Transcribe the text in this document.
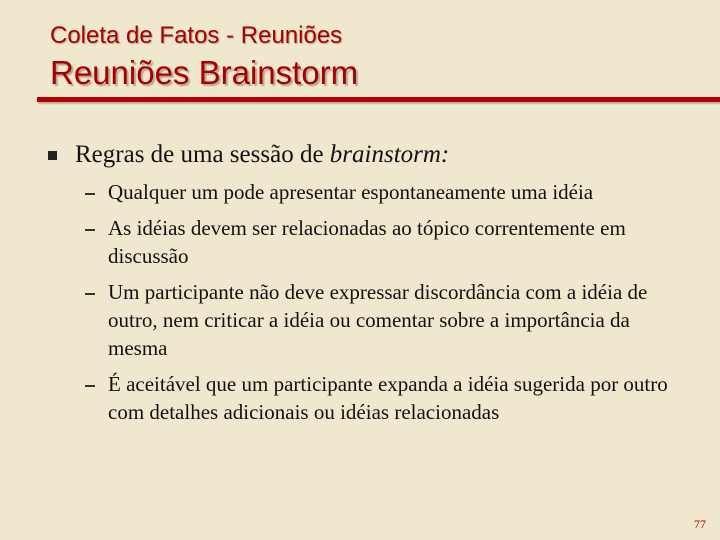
Coleta de Fatos - Reuniões
Reuniões Brainstorm
Regras de uma sessão de brainstorm:
Qualquer um pode apresentar espontaneamente uma idéia
As idéias devem ser relacionadas ao tópico correntemente em discussão
Um participante não deve expressar discordância com a idéia de outro, nem criticar a idéia ou comentar sobre a importância da mesma
É aceitável que um participante expanda a idéia sugerida por outro com detalhes adicionais ou idéias relacionadas
77
